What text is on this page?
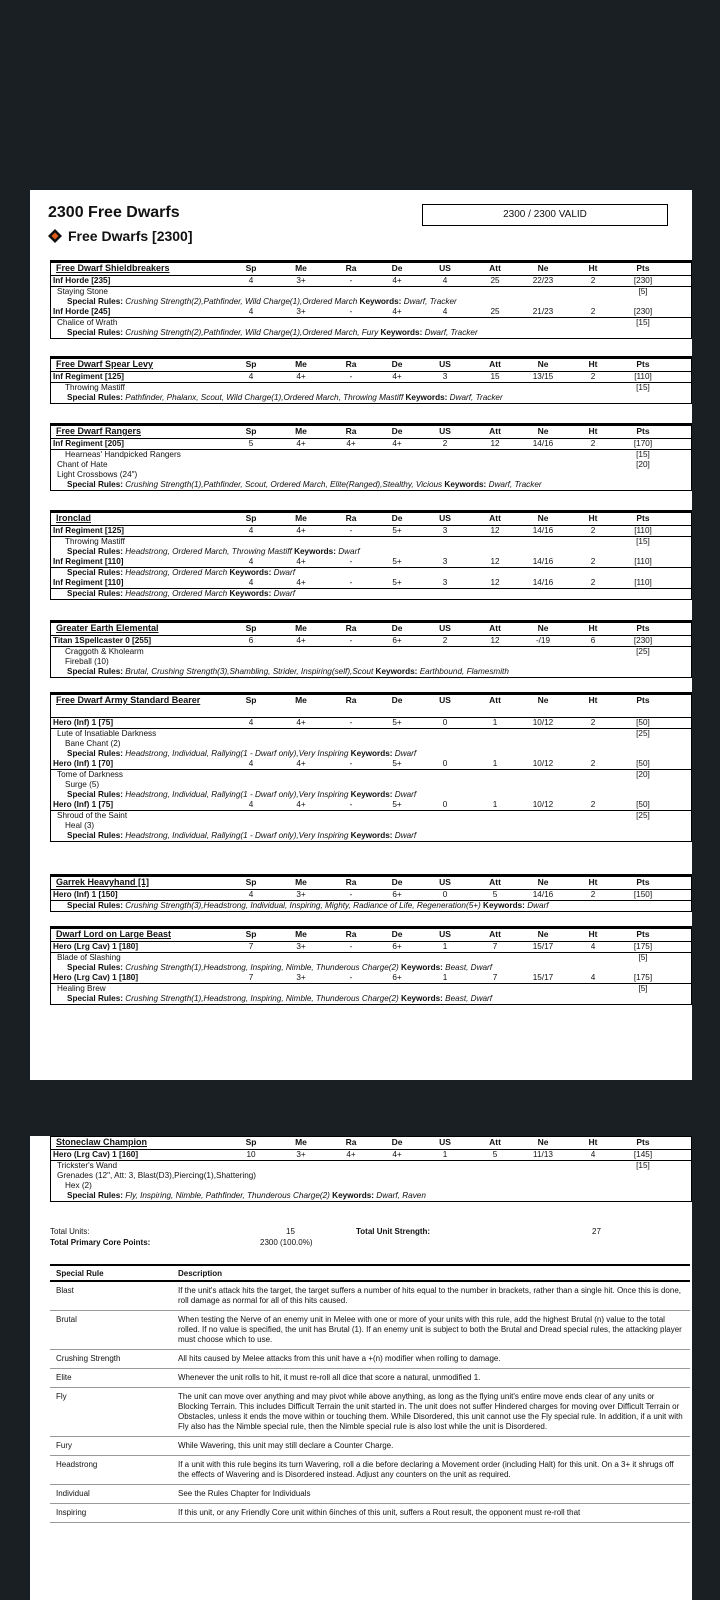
2300 Free Dwarfs	2300 / 2300 VALID
Free Dwarfs [2300]
Free Dwarf Shieldbreakers	Sp	Me	Ra	De	US	Att	Ne	Ht	Pts
Inf Horde [235]	4	3+	-	4+	4	25	22/23	2	[230]
Staying Stone	[5]
Special Rules: Crushing Strength(2),Pathfinder, Wild Charge(1),Ordered March Keywords: Dwarf, Tracker
Inf Horde [245]	4	3+	-	4+	4	25	21/23	2	[230]
Chalice of Wrath	[15]
Special Rules: Crushing Strength(2),Pathfinder, Wild Charge(1),Ordered March, Fury Keywords: Dwarf, Tracker
Free Dwarf Spear Levy	Sp	Me	Ra	De	US	Att	Ne	Ht	Pts
Inf Regiment [125]	4	4+	-	4+	3	15	13/15	2	[110]
Throwing Mastiff	[15]
Special Rules: Pathfinder, Phalanx, Scout, Wild Charge(1),Ordered March, Throwing Mastiff Keywords: Dwarf, Tracker
Free Dwarf Rangers	Sp	Me	Ra	De	US	Att	Ne	Ht	Pts
Inf Regiment [205]	5	4+	4+	4+	2	12	14/16	2	[170]
Hearneas' Handpicked Rangers	[15]
Chant of Hate	[20]
Light Crossbows (24")
Special Rules: Crushing Strength(1),Pathfinder, Scout, Ordered March, Elite(Ranged),Stealthy, Vicious Keywords: Dwarf, Tracker
Ironclad	Sp	Me	Ra	De	US	Att	Ne	Ht	Pts
Inf Regiment [125]	4	4+	-	5+	3	12	14/16	2	[110]
Throwing Mastiff	[15]
Special Rules: Headstrong, Ordered March, Throwing Mastiff Keywords: Dwarf
Inf Regiment [110]	4	4+	-	5+	3	12	14/16	2	[110]
Special Rules: Headstrong, Ordered March Keywords: Dwarf
Inf Regiment [110]	4	4+	-	5+	3	12	14/16	2	[110]
Special Rules: Headstrong, Ordered March Keywords: Dwarf
Greater Earth Elemental	Sp	Me	Ra	De	US	Att	Ne	Ht	Pts
Titan 1Spellcaster 0 [255]	6	4+	-	6+	2	12	-/19	6	[230]
Craggoth & Kholearm	[25]
Fireball (10)
Special Rules: Brutal, Crushing Strength(3),Shambling, Strider, Inspiring(self),Scout Keywords: Earthbound, Flamesmith
Free Dwarf Army Standard Bearer	Sp	Me	Ra	De	US	Att	Ne	Ht	Pts
Hero (Inf) 1 [75]	4	4+	-	5+	0	1	10/12	2	[50]
Lute of Insatiable Darkness	[25]
Bane Chant (2)
Special Rules: Headstrong, Individual, Rallying(1 - Dwarf only),Very Inspiring Keywords: Dwarf
Hero (Inf) 1 [70]	4	4+	-	5+	0	1	10/12	2	[50]
Tome of Darkness	[20]
Surge (5)
Special Rules: Headstrong, Individual, Rallying(1 - Dwarf only),Very Inspiring Keywords: Dwarf
Hero (Inf) 1 [75]	4	4+	-	5+	0	1	10/12	2	[50]
Shroud of the Saint	[25]
Heal (3)
Special Rules: Headstrong, Individual, Rallying(1 - Dwarf only),Very Inspiring Keywords: Dwarf
Garrek Heavyhand [1]	Sp	Me	Ra	De	US	Att	Ne	Ht	Pts
Hero (Inf) 1 [150]	4	3+	-	6+	0	5	14/16	2	[150]
Special Rules: Crushing Strength(3),Headstrong, Individual, Inspiring, Mighty, Radiance of Life, Regeneration(5+) Keywords: Dwarf
Dwarf Lord on Large Beast	Sp	Me	Ra	De	US	Att	Ne	Ht	Pts
Hero (Lrg Cav) 1 [180]	7	3+	-	6+	1	7	15/17	4	[175]
Blade of Slashing	[5]
Special Rules: Crushing Strength(1),Headstrong, Inspiring, Nimble, Thunderous Charge(2) Keywords: Beast, Dwarf
Hero (Lrg Cav) 1 [180]	7	3+	-	6+	1	7	15/17	4	[175]
Healing Brew	[5]
Special Rules: Crushing Strength(1),Headstrong, Inspiring, Nimble, Thunderous Charge(2) Keywords: Beast, Dwarf
Stoneclaw Champion	Sp	Me	Ra	De	US	Att	Ne	Ht	Pts
Hero (Lrg Cav) 1 [160]	10	3+	4+	4+	1	5	11/13	4	[145]
Trickster's Wand	[15]
Grenades (12", Att: 3, Blast(D3),Piercing(1),Shattering)
Hex (2)
Special Rules: Fly, Inspiring, Nimble, Pathfinder, Thunderous Charge(2) Keywords: Dwarf, Raven
Total Units:	15	Total Unit Strength:	27
Total Primary Core Points:	2300 (100.0%)
Special Rule	Description
Blast	If the unit's attack hits the target, the target suffers a number of hits equal to the number in brackets, rather than a single hit. Once this is done, roll damage as normal for all of this hits caused.
Brutal	When testing the Nerve of an enemy unit in Melee with one or more of your units with this rule, add the highest Brutal (n) value to the total rolled. If no value is specified, the unit has Brutal (1). If an enemy unit is subject to both the Brutal and Dread special rules, the attacking player must choose which to use.
Crushing Strength	All hits caused by Melee attacks from this unit have a +(n) modifier when rolling to damage.
Elite	Whenever the unit rolls to hit, it must re-roll all dice that score a natural, unmodified 1.
Fly	The unit can move over anything and may pivot while above anything, as long as the flying unit's entire move ends clear of any units or Blocking Terrain. This includes Difficult Terrain the unit started in. The unit does not suffer Hindered charges for moving over Difficult Terrain or Obstacles, unless it ends the move within or touching them. While Disordered, this unit cannot use the Fly special rule. In addition, if a unit with Fly also has the Nimble special rule, then the Nimble special rule is also lost while the unit is Disordered.
Fury	While Wavering, this unit may still declare a Counter Charge.
Headstrong	If a unit with this rule begins its turn Wavering, roll a die before declaring a Movement order (including Halt) for this unit. On a 3+ it shrugs off the effects of Wavering and is Disordered instead. Adjust any counters on the unit as required.
Individual	See the Rules Chapter for Individuals
Inspiring	If this unit, or any Friendly Core unit within 6inches of this unit, suffers a Rout result, the opponent must re-roll that
